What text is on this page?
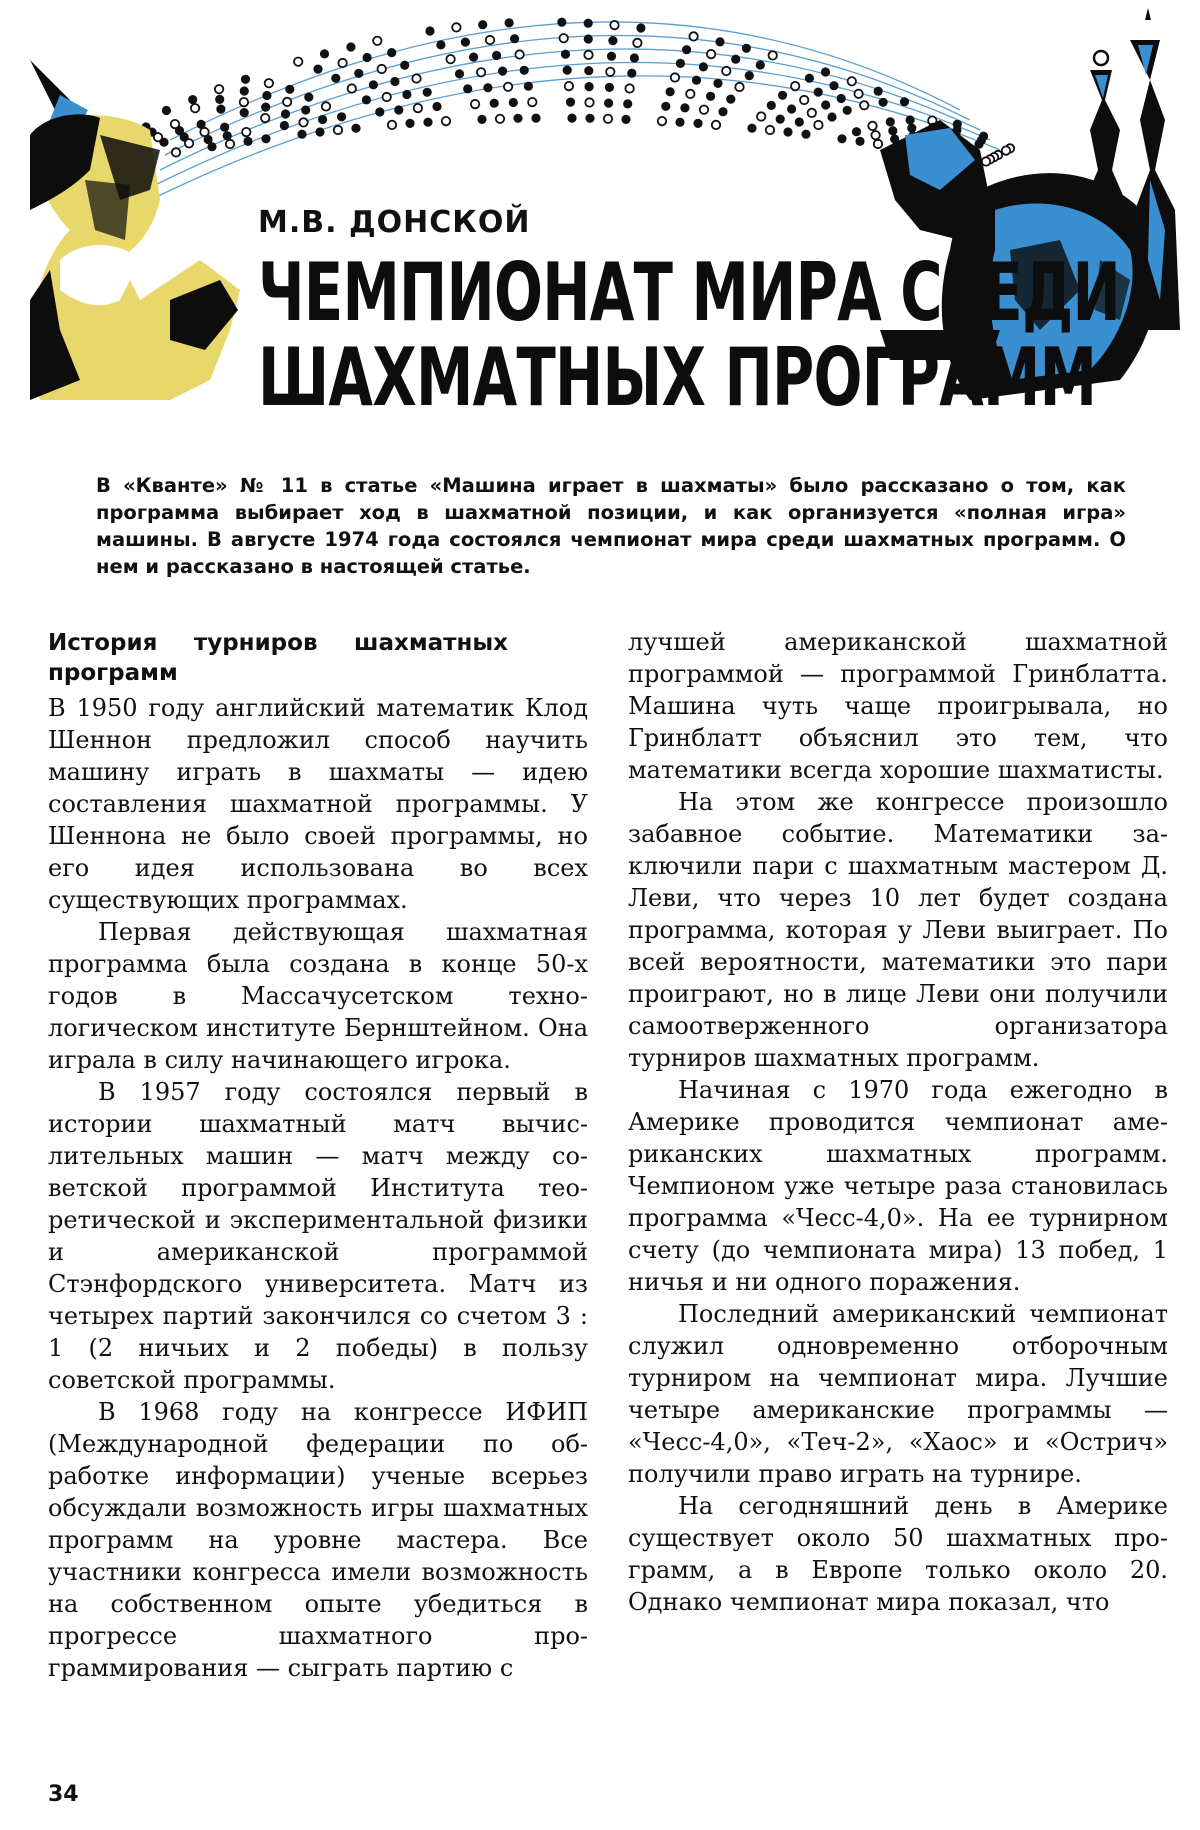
М.В. ДОНСКОЙ
ЧЕМПИОНАТ МИРА СРЕДИ
ШАХМАТНЫХ ПРОГРАММ
В «Кванте» № 11 в статье «Машина играет в шахматы» было рассказано о том, как программа выбирает ход в шахматной позиции, и как организуется «полная игра» машины. В августе 1974 года состоялся чемпионат мира среди шахматных программ. О нем и рассказано в настоящей статье.
История турниров шахматных программ

В 1950 году английский математик Клод Шеннон предложил способ научить машину играть в шахматы — идею составления шахматной программы. У Шеннона не было своей программы, но его идея использована во всех существующих программах.

Первая действующая шахматная программа была создана в конце 50-х годов в Массачусетском технологическом институте Бернштейном. Она играла в силу начинающего игрока.

В 1957 году состоялся первый в истории шахматный матч вычислительных машин — матч между советской программой Института теоретической и экспериментальной физики и американской программой Стэнфордского университета. Матч из четырех партий закончился со счетом 3 : 1 (2 ничьих и 2 победы) в пользу советской программы.

В 1968 году на конгрессе ИФИП (Международной федерации по обработке информации) ученые всерьез обсуждали возможность игры шахматных программ на уровне мастера. Все участники конгресса имели возможность на собственном опыте убедиться в прогрессе шахматного программирования — сыграть партию с

лучшей американской шахматной программой — программой Гринблатта. Машина чуть чаще проигрывала, но Гринблатт объяснил это тем, что математики всегда хорошие шахматисты.

На этом же конгрессе произошло забавное событие. Математики заключили пари с шахматным мастером Д. Леви, что через 10 лет будет создана программа, которая у Леви выиграет. По всей вероятности, математики это пари проиграют, но в лице Леви они получили самоотверженного организатора турниров шахматных программ.

Начиная с 1970 года ежегодно в Америке проводится чемпионат американских шахматных программ. Чемпионом уже четыре раза становилась программа «Чесс-4,0». На ее турнирном счету (до чемпионата мира) 13 побед, 1 ничья и ни одного поражения.

Последний американский чемпионат служил одновременно отборочным турниром на чемпионат мира. Лучшие четыре американские программы — «Чесс-4,0», «Теч-2», «Хаос» и «Острич» получили право играть на турнире.

На сегодняшний день в Америке существует около 50 шахматных программ, а в Европе только около 20. Однако чемпионат мира показал, что

34
